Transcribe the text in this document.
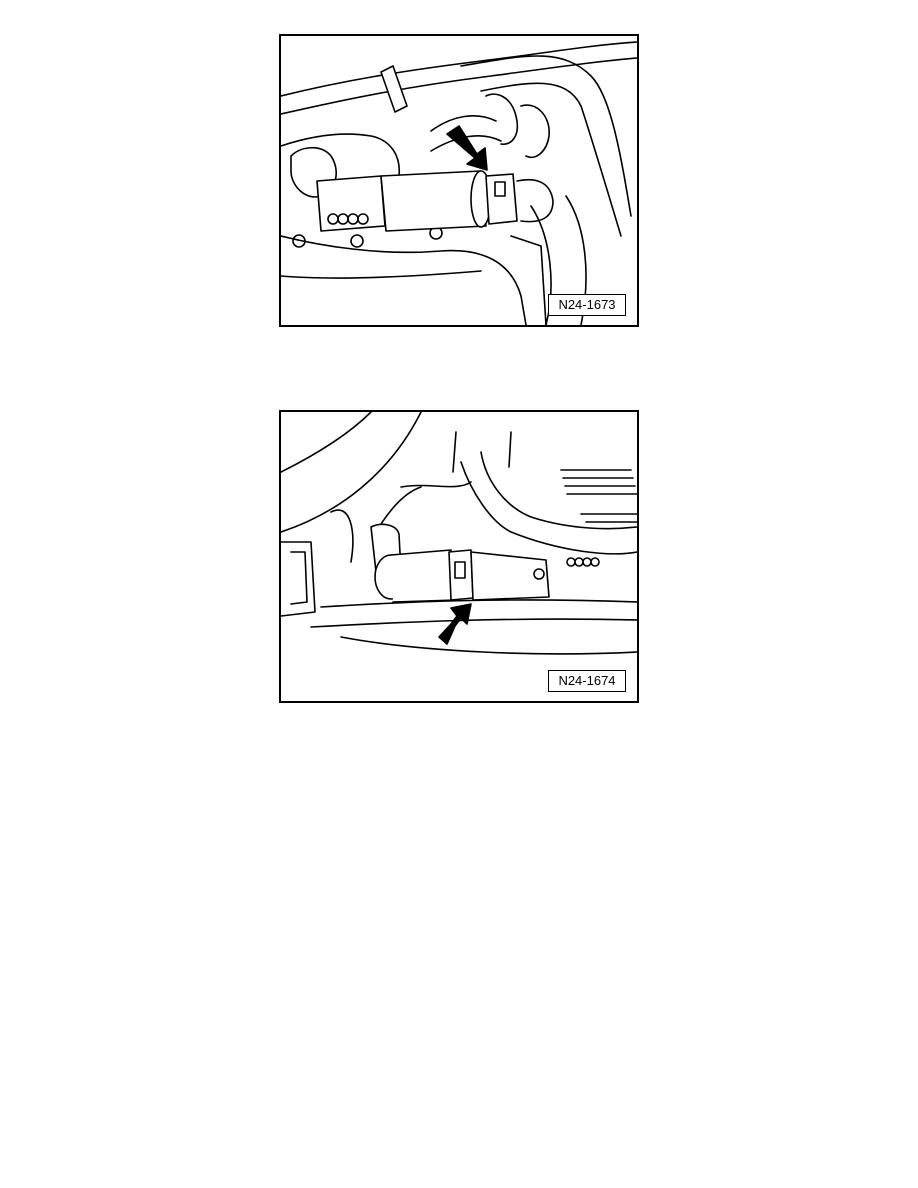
N24-1673
N24-1674
